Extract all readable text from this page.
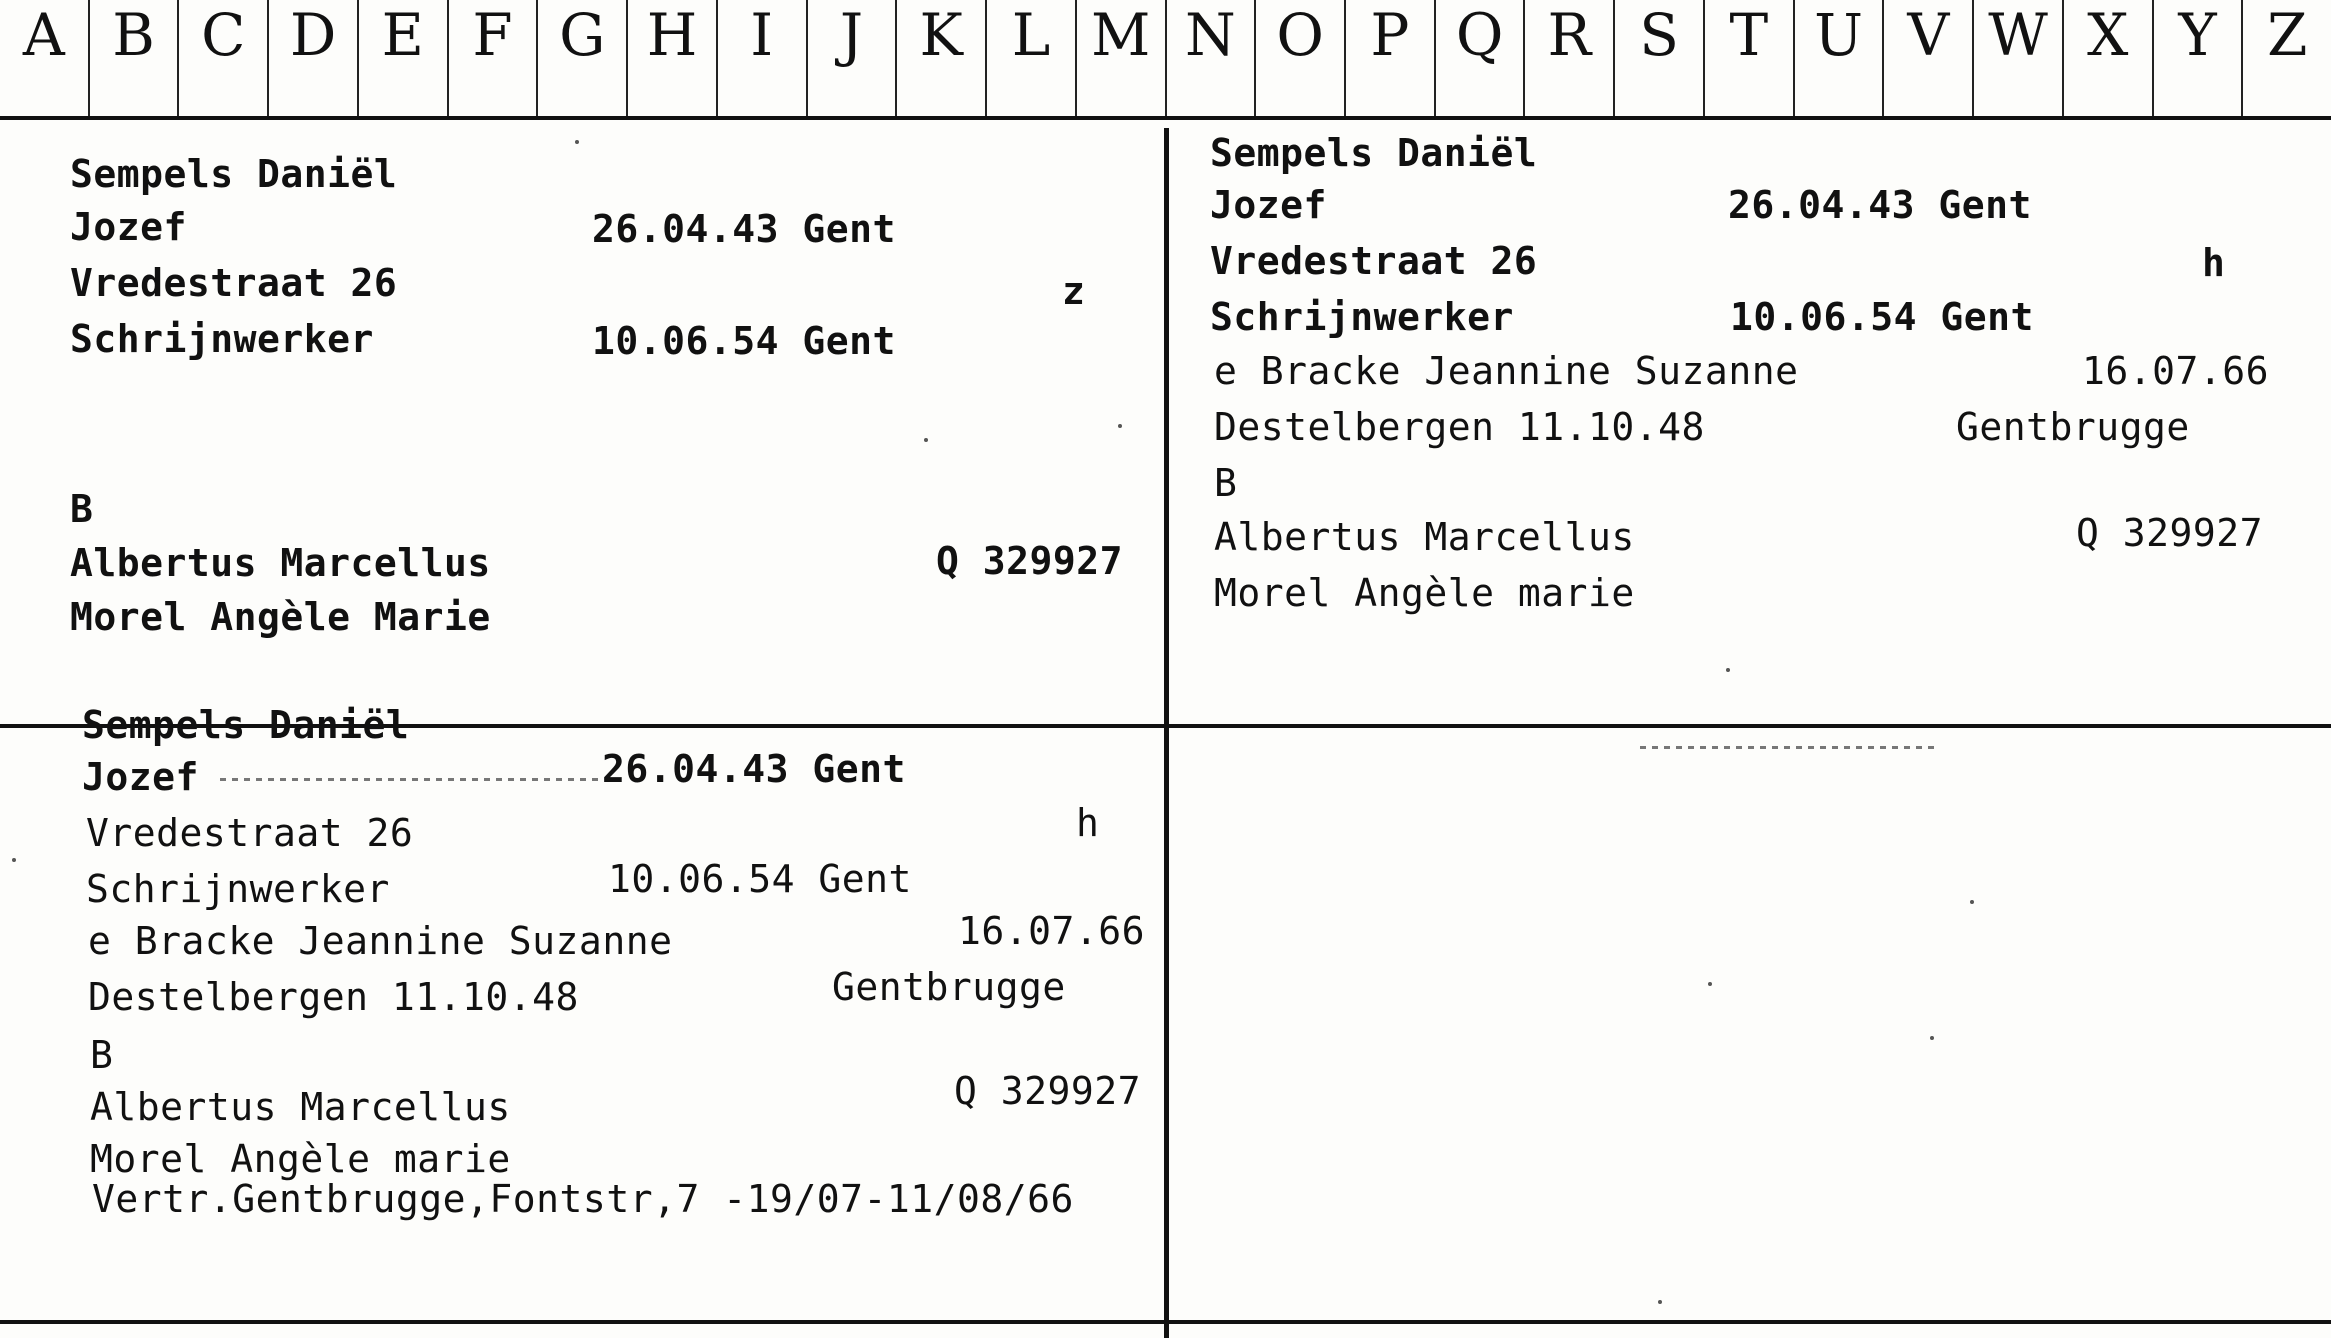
A B C D E F G H I	J K L M N O P Q R S T U V W X Y Z
Sempels Daniël
Jozef	26.04.43 Gent
Vredestraat 26	z
Schrijnwerker	10.06.54 Gent
B
Albertus Marcellus	Q 329927
Morel Angèle Marie
Sempels Daniël
Jozef	26.04.43 Gent
Vredestraat 26	h
Schrijnwerker	10.06.54 Gent
e Bracke Jeannine Suzanne	16.07.66
Destelbergen 11.10.48	Gentbrugge
B
Albertus Marcellus	Q 329927
Morel Angèle marie
Sempels Daniël
Jozef	26.04.43 Gent
Vredestraat 26	h
Schrijnwerker	10.06.54 Gent
e Bracke Jeannine Suzanne	16.07.66
Destelbergen 11.10.48	Gentbrugge
B
Albertus Marcellus	Q 329927
Morel Angèle marie
Vertr.Gentbrugge,Fontstr,7 -19/07-11/08/66
